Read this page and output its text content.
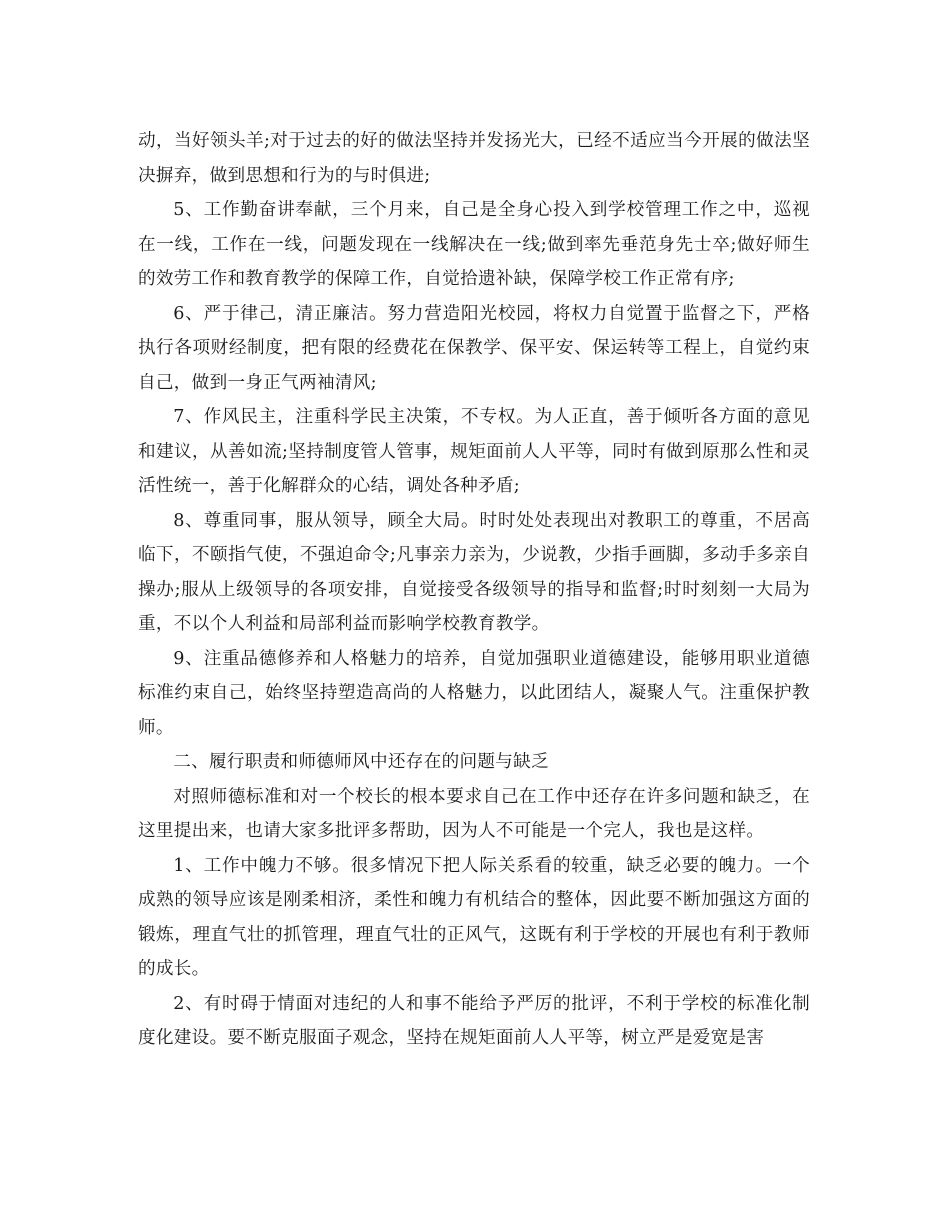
动，当好领头羊;对于过去的好的做法坚持并发扬光大，已经不适应当今开展的做法坚决摒弃，做到思想和行为的与时俱进;

5、工作勤奋讲奉献，三个月来，自己是全身心投入到学校管理工作之中，巡视在一线，工作在一线，问题发现在一线解决在一线;做到率先垂范身先士卒;做好师生的效劳工作和教育教学的保障工作，自觉拾遗补缺，保障学校工作正常有序;

6、严于律己，清正廉洁。努力营造阳光校园，将权力自觉置于监督之下，严格执行各项财经制度，把有限的经费花在保教学、保平安、保运转等工程上，自觉约束自己，做到一身正气两袖清风;

7、作风民主，注重科学民主决策，不专权。为人正直，善于倾听各方面的意见和建议，从善如流;坚持制度管人管事，规矩面前人人平等，同时有做到原那么性和灵活性统一，善于化解群众的心结，调处各种矛盾;

8、尊重同事，服从领导，顾全大局。时时处处表现出对教职工的尊重，不居高临下，不颐指气使，不强迫命令;凡事亲力亲为，少说教，少指手画脚，多动手多亲自操办;服从上级领导的各项安排，自觉接受各级领导的指导和监督;时时刻刻一大局为重，不以个人利益和局部利益而影响学校教育教学。

9、注重品德修养和人格魅力的培养，自觉加强职业道德建设，能够用职业道德标准约束自己，始终坚持塑造高尚的人格魅力，以此团结人，凝聚人气。注重保护教师。

二、履行职责和师德师风中还存在的问题与缺乏

对照师德标准和对一个校长的根本要求自己在工作中还存在许多问题和缺乏，在这里提出来，也请大家多批评多帮助，因为人不可能是一个完人，我也是这样。

1、工作中魄力不够。很多情况下把人际关系看的较重，缺乏必要的魄力。一个成熟的领导应该是刚柔相济，柔性和魄力有机结合的整体，因此要不断加强这方面的锻炼，理直气壮的抓管理，理直气壮的正风气，这既有利于学校的开展也有利于教师的成长。

2、有时碍于情面对违纪的人和事不能给予严厉的批评，不利于学校的标准化制度化建设。要不断克服面子观念，坚持在规矩面前人人平等，树立严是爱宽是害
